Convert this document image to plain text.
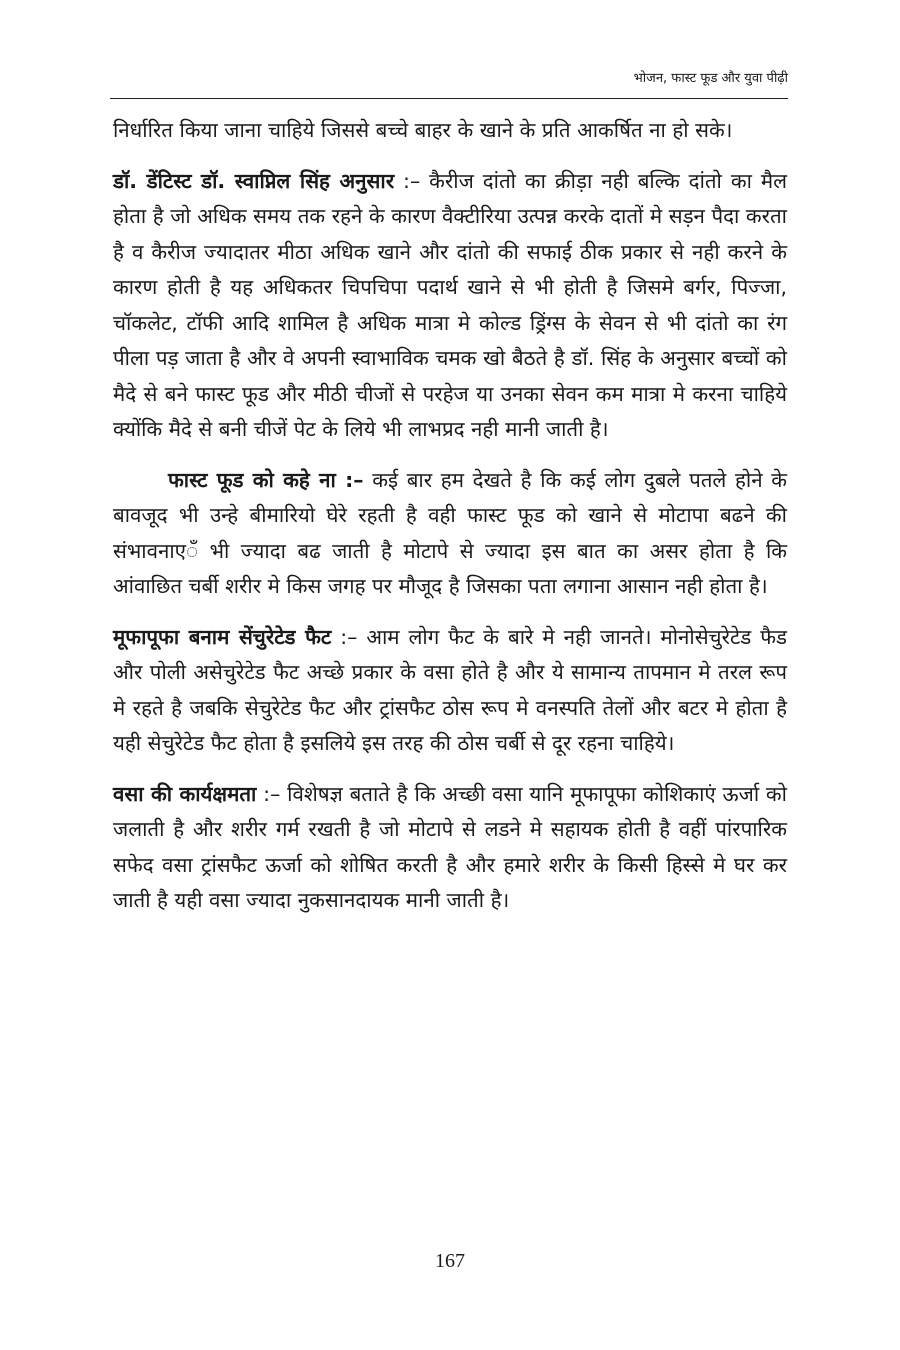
भोजन, फास्ट फूड और युवा पीढ़ी

निर्धारित किया जाना चाहिये जिससे बच्चे बाहर के खाने के प्रति आकर्षित ना हो सके।

डॉ. डेंटिस्ट डॉ. स्वाप्निल सिंह अनुसार :– कैरीज दांतो का क्रीड़ा नही बल्कि दांतो का मैल होता है जो अधिक समय तक रहने के कारण वैक्टीरिया उत्पन्न करके दातों मे सड़न पैदा करता है व कैरीज ज्यादातर मीठा अधिक खाने और दांतो की सफाई ठीक प्रकार से नही करने के कारण होती है यह अधिकतर चिपचिपा पदार्थ खाने से भी होती है जिसमे बर्गर, पिज्जा, चॉकलेट, टॉफी आदि शामिल है अधिक मात्रा मे कोल्ड ड्रिंग्स के सेवन से भी दांतो का रंग पीला पड़ जाता है और वे अपनी स्वाभाविक चमक खो बैठते है डॉ. सिंह के अनुसार बच्चों को मैदे से बने फास्ट फूड और मीठी चीजों से परहेज या उनका सेवन कम मात्रा मे करना चाहिये क्योंकि मैदे से बनी चीजें पेट के लिये भी लाभप्रद नही मानी जाती है।

फास्ट फूड को कहे ना :– कई बार हम देखते है कि कई लोग दुबले पतले होने के बावजूद भी उन्हे बीमारियो घेरे रहती है वही फास्ट फूड को खाने से मोटापा बढने की संभावनाएॅं भी ज्यादा बढ जाती है मोटापे से ज्यादा इस बात का असर होता है कि आंवाछित चर्बी शरीर मे किस जगह पर मौजूद है जिसका पता लगाना आसान नही होता है।

मूफापूफा बनाम सेंचुरेटेड फैट :– आम लोग फैट के बारे मे नही जानते। मोनोसेचुरेटेड फैड और पोली असेचुरेटेड फैट अच्छे प्रकार के वसा होते है और ये सामान्य तापमान मे तरल रूप मे रहते है जबकि सेचुरेटेड फैट और ट्रांसफैट ठोस रूप मे वनस्पति तेलों और बटर मे होता है यही सेचुरेटेड फैट होता है इसलिये इस तरह की ठोस चर्बी से दूर रहना चाहिये।

वसा की कार्यक्षमता :– विशेषज्ञ बताते है कि अच्छी वसा यानि मूफापूफा कोशिकाएं ऊर्जा को जलाती है और शरीर गर्म रखती है जो मोटापे से लडने मे सहायक होती है वहीं पांरपारिक सफेद वसा ट्रांसफैट ऊर्जा को शोषित करती है और हमारे शरीर के किसी हिस्से मे घर कर जाती है यही वसा ज्यादा नुकसानदायक मानी जाती है।

167
